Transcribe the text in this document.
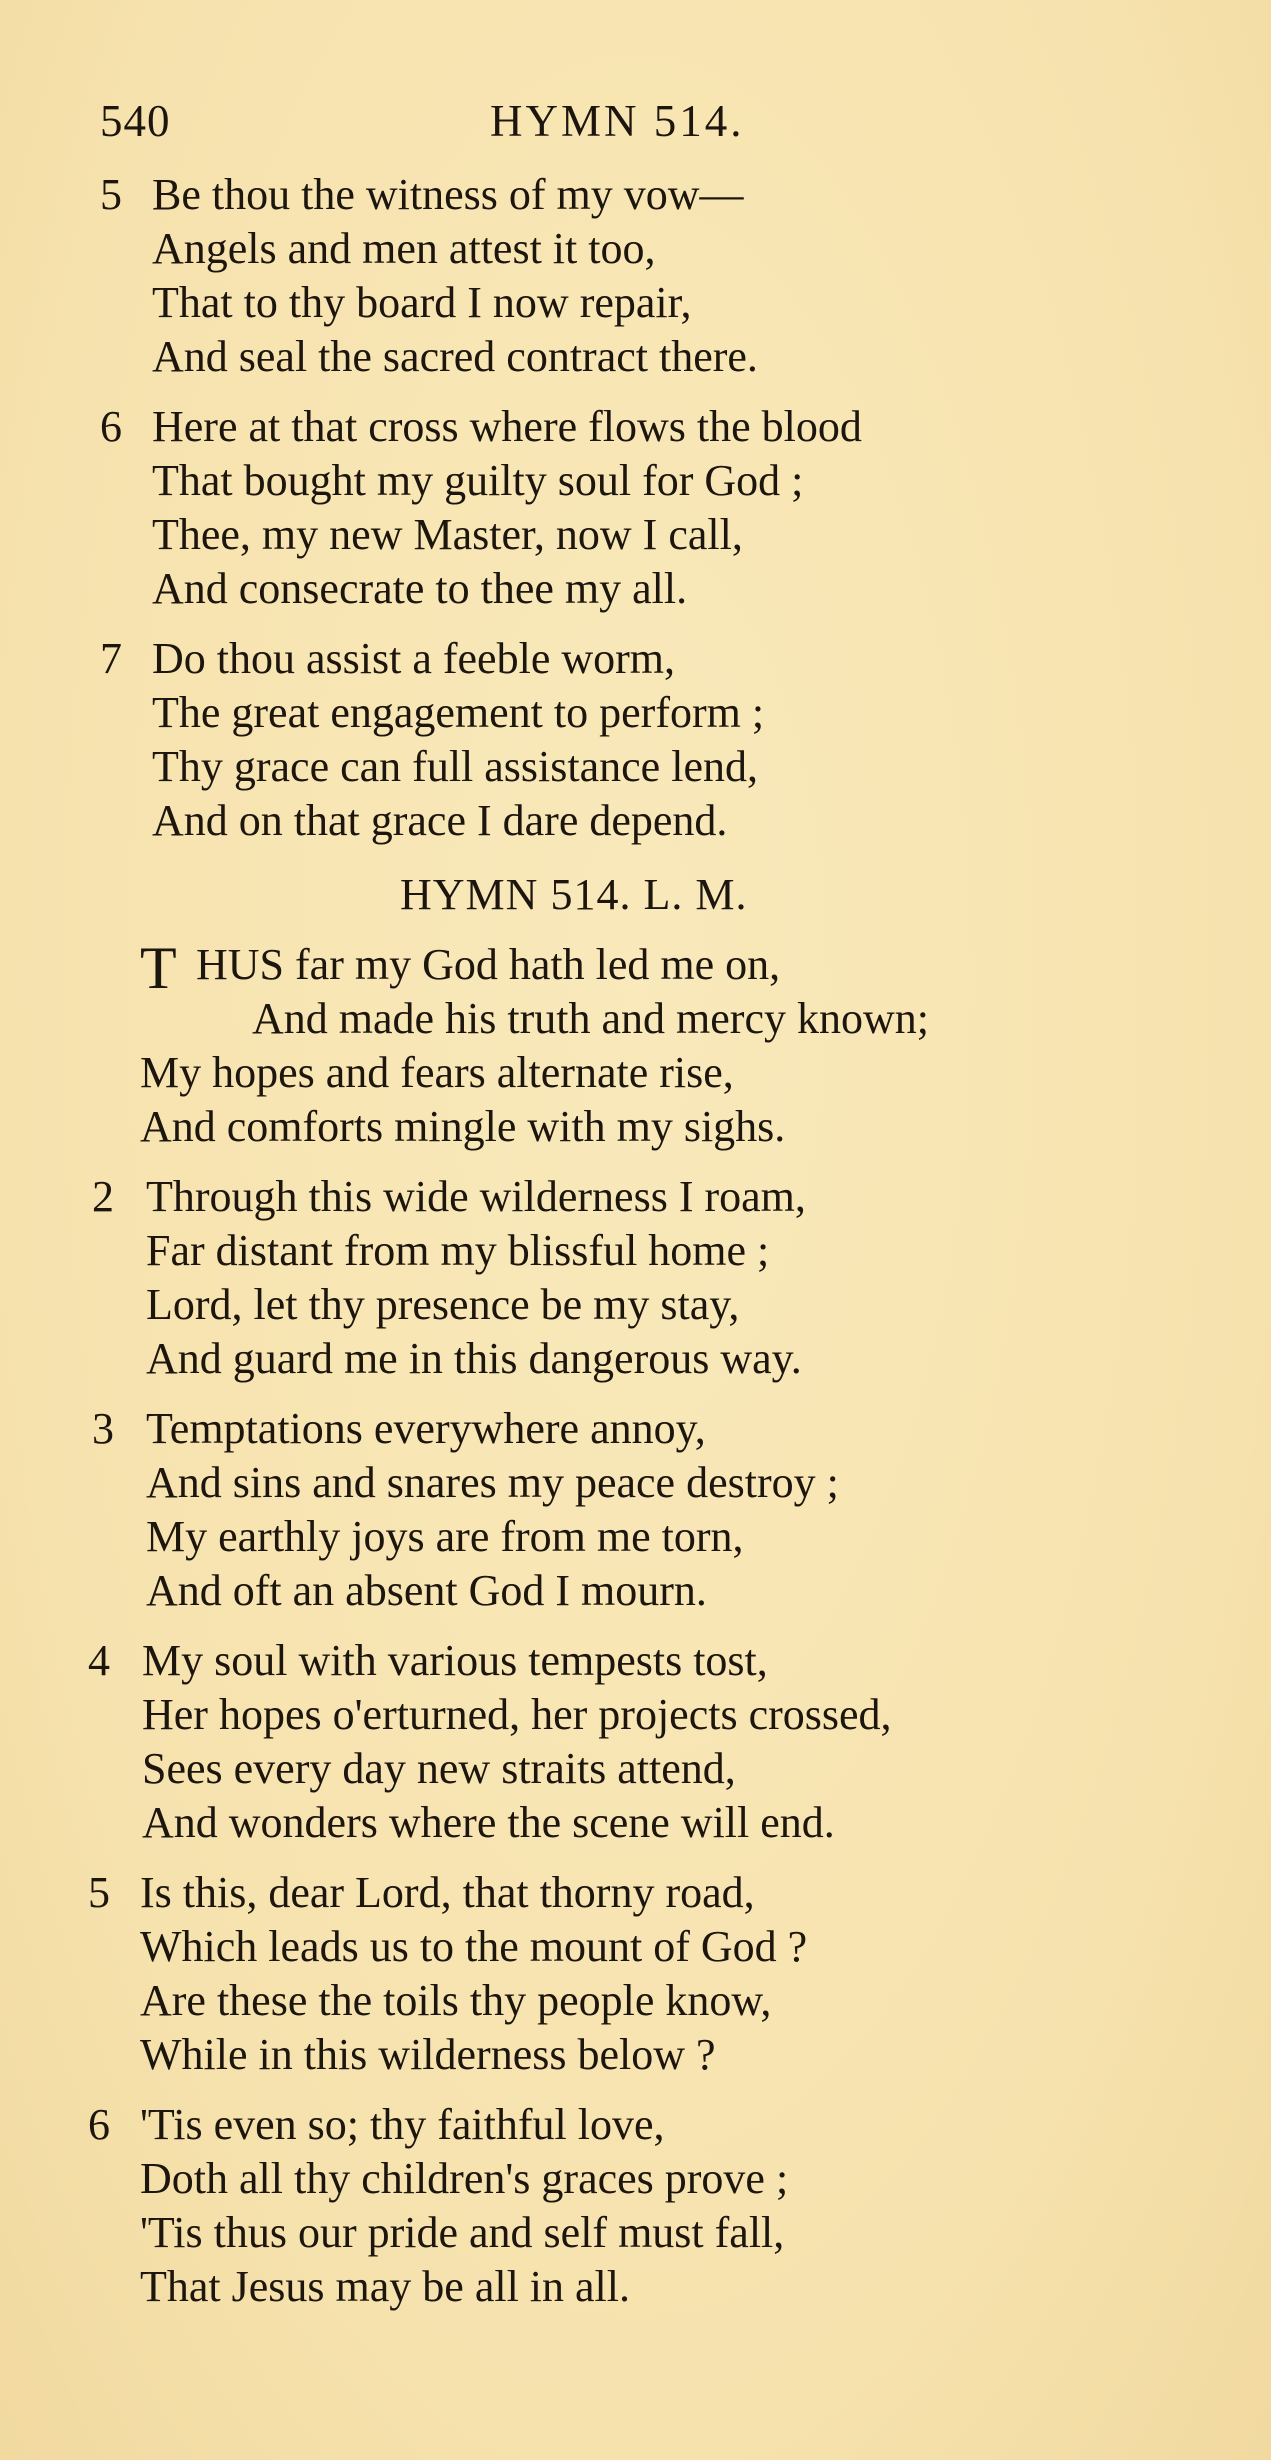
540	HYMN 514.
5 Be thou the witness of my vow—
Angels and men attest it too,
That to thy board I now repair,
And seal the sacred contract there.
6 Here at that cross where flows the blood
That bought my guilty soul for God ;
Thee, my new Master, now I call,
And consecrate to thee my all.
7 Do thou assist a feeble worm,
The great engagement to perform ;
Thy grace can full assistance lend,
And on that grace I dare depend.
HYMN 514. L. M.
T HUS far my God hath led me on,
And made his truth and mercy known;
My hopes and fears alternate rise,
And comforts mingle with my sighs.
2 Through this wide wilderness I roam,
Far distant from my blissful home ;
Lord, let thy presence be my stay,
And guard me in this dangerous way.
3 Temptations everywhere annoy,
And sins and snares my peace destroy ;
My earthly joys are from me torn,
And oft an absent God I mourn.
4 My soul with various tempests tost,
Her hopes o'erturned, her projects crossed,
Sees every day new straits attend,
And wonders where the scene will end.
5 Is this, dear Lord, that thorny road,
Which leads us to the mount of God ?
Are these the toils thy people know,
While in this wilderness below ?
6 'Tis even so; thy faithful love,
Doth all thy children's graces prove ;
'Tis thus our pride and self must fall,
That Jesus may be all in all.
